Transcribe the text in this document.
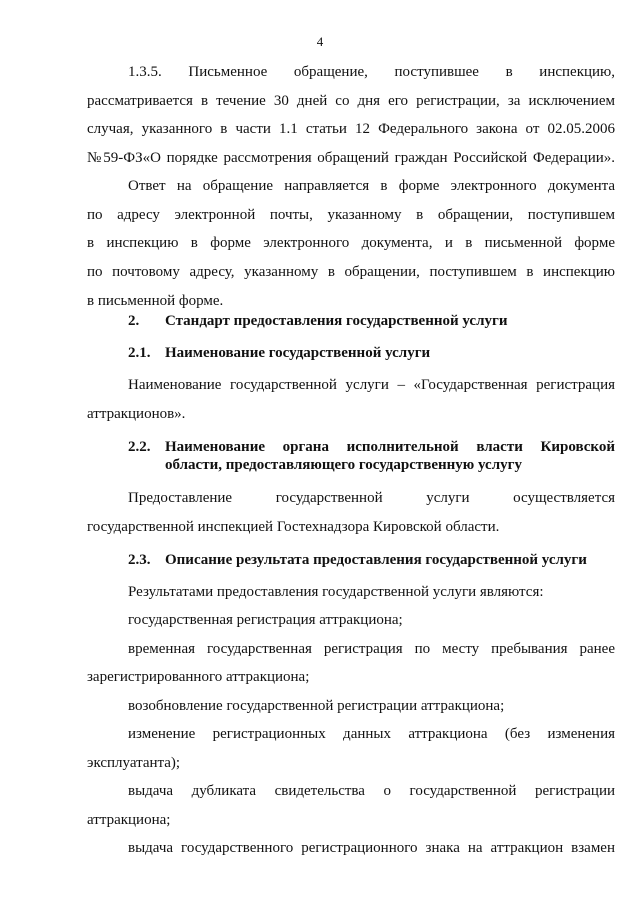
4
1.3.5. Письменное обращение, поступившее в инспекцию,
рассматривается в течение 30 дней со дня его регистрации, за исключением
случая, указанного в части 1.1 статьи 12 Федерального закона от 02.05.2006
№59-ФЗ«О порядке рассмотрения обращений граждан Российской Федерации».
Ответ на обращение направляется в форме электронного документа
по адресу электронной почты, указанному в обращении, поступившем
в инспекцию в форме электронного документа, и в письменной форме
по почтовому адресу, указанному в обращении, поступившем в инспекцию
в письменной форме.
2. Стандарт предоставления государственной услуги
2.1. Наименование государственной услуги
Наименование государственной услуги – «Государственная регистрация
аттракционов».
2.2. Наименование органа исполнительной власти Кировской
области, предоставляющего государственную услугу
Предоставление государственной услуги осуществляется
государственной инспекцией Гостехнадзора Кировской области.
2.3. Описание результата предоставления государственной услуги
Результатами предоставления государственной услуги являются:
государственная регистрация аттракциона;
временная государственная регистрация по месту пребывания ранее
зарегистрированного аттракциона;
возобновление государственной регистрации аттракциона;
изменение регистрационных данных аттракциона (без изменения
эксплуатанта);
выдача дубликата свидетельства о государственной регистрации
аттракциона;
выдача государственного регистрационного знака на аттракцион взамен
